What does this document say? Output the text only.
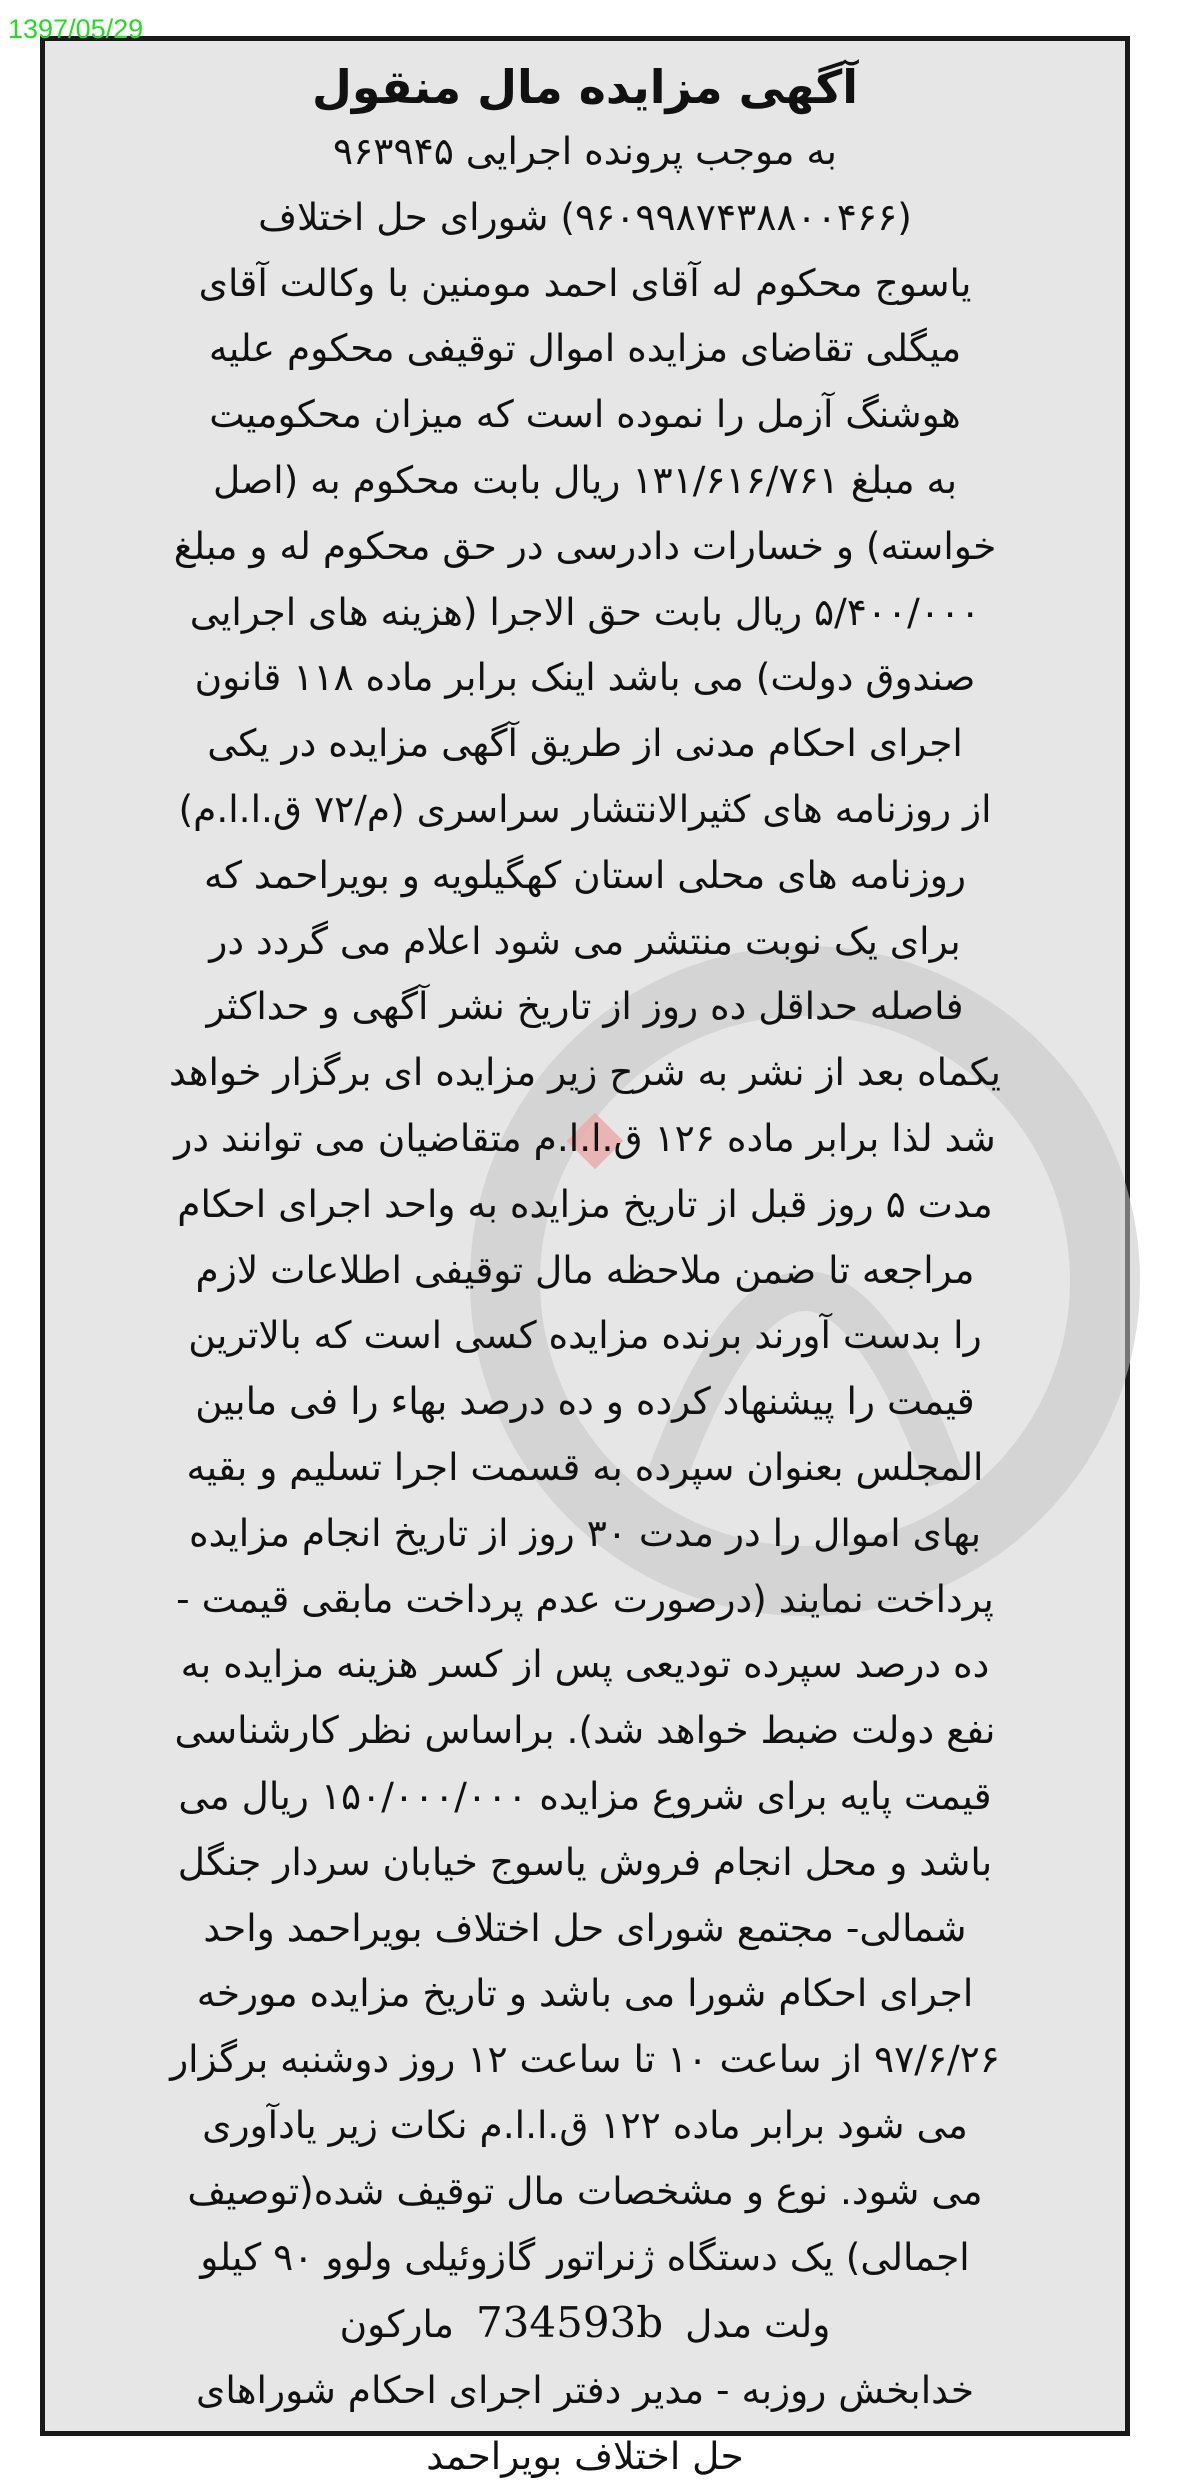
1397/05/29
آگهی مزایده مال منقول
به موجب پرونده اجرایی ۹۶۳۹۴۵
(۹۶۰۹۹۸۷۴۳۸۸۰۰۴۶۶) شورای حل اختلاف
یاسوج محکوم له آقای احمد مومنین با وکالت آقای
میگلی تقاضای مزایده اموال توقیفی محکوم علیه
هوشنگ آزمل را نموده است که میزان محکومیت
به مبلغ ۱۳۱/۶۱۶/۷۶۱ ریال بابت محکوم به (اصل
خواسته) و خسارات دادرسی در حق محکوم له و مبلغ
۵/۴۰۰/۰۰۰ ریال بابت حق الاجرا (هزینه های اجرایی
صندوق دولت) می باشد اینک برابر ماده ۱۱۸ قانون
اجرای احکام مدنی از طریق آگهی مزایده در یکی
از روزنامه های کثیرالانتشار سراسری (م/۷۲ ق.ا.ا.م)
روزنامه های محلی استان کهگیلویه و بویراحمد که
برای یک نوبت منتشر می شود اعلام می گردد در
فاصله حداقل ده روز از تاریخ نشر آگهی و حداکثر
یکماه بعد از نشر به شرح زیر مزایده ای برگزار خواهد
شد لذا برابر ماده ۱۲۶ ق.ا.ا.م متقاضیان می توانند در
مدت ۵ روز قبل از تاریخ مزایده به واحد اجرای احکام
مراجعه تا ضمن ملاحظه مال توقیفی اطلاعات لازم
را بدست آورند برنده مزایده کسی است که بالاترین
قیمت را پیشنهاد کرده و ده درصد بهاء را فی مابین
المجلس بعنوان سپرده به قسمت اجرا تسلیم و بقیه
بهای اموال را در مدت ۳۰ روز از تاریخ انجام مزایده
پرداخت نمایند (درصورت عدم پرداخت مابقی قیمت -
ده درصد سپرده تودیعی پس از کسر هزینه مزایده به
نفع دولت ضبط خواهد شد). براساس نظر کارشناسی
قیمت پایه برای شروع مزایده ۱۵۰/۰۰۰/۰۰۰ ریال می
باشد و محل انجام فروش یاسوج خیابان سردار جنگل
شمالی- مجتمع شورای حل اختلاف بویراحمد واحد
اجرای احکام شورا می باشد و تاریخ مزایده مورخه
۹۷/۶/۲۶ از ساعت ۱۰ تا ساعت ۱۲ روز دوشنبه برگزار
می شود برابر ماده ۱۲۲ ق.ا.ا.م نکات زیر یادآوری
می شود. نوع و مشخصات مال توقیف شده(توصیف
اجمالی) یک دستگاه ژنراتور گازوئیلی ولوو ۹۰ کیلو
ولت مدل 734593b مارکون
خدابخش روزبه - مدیر دفتر اجرای احکام شوراهای
حل اختلاف بویراحمد
